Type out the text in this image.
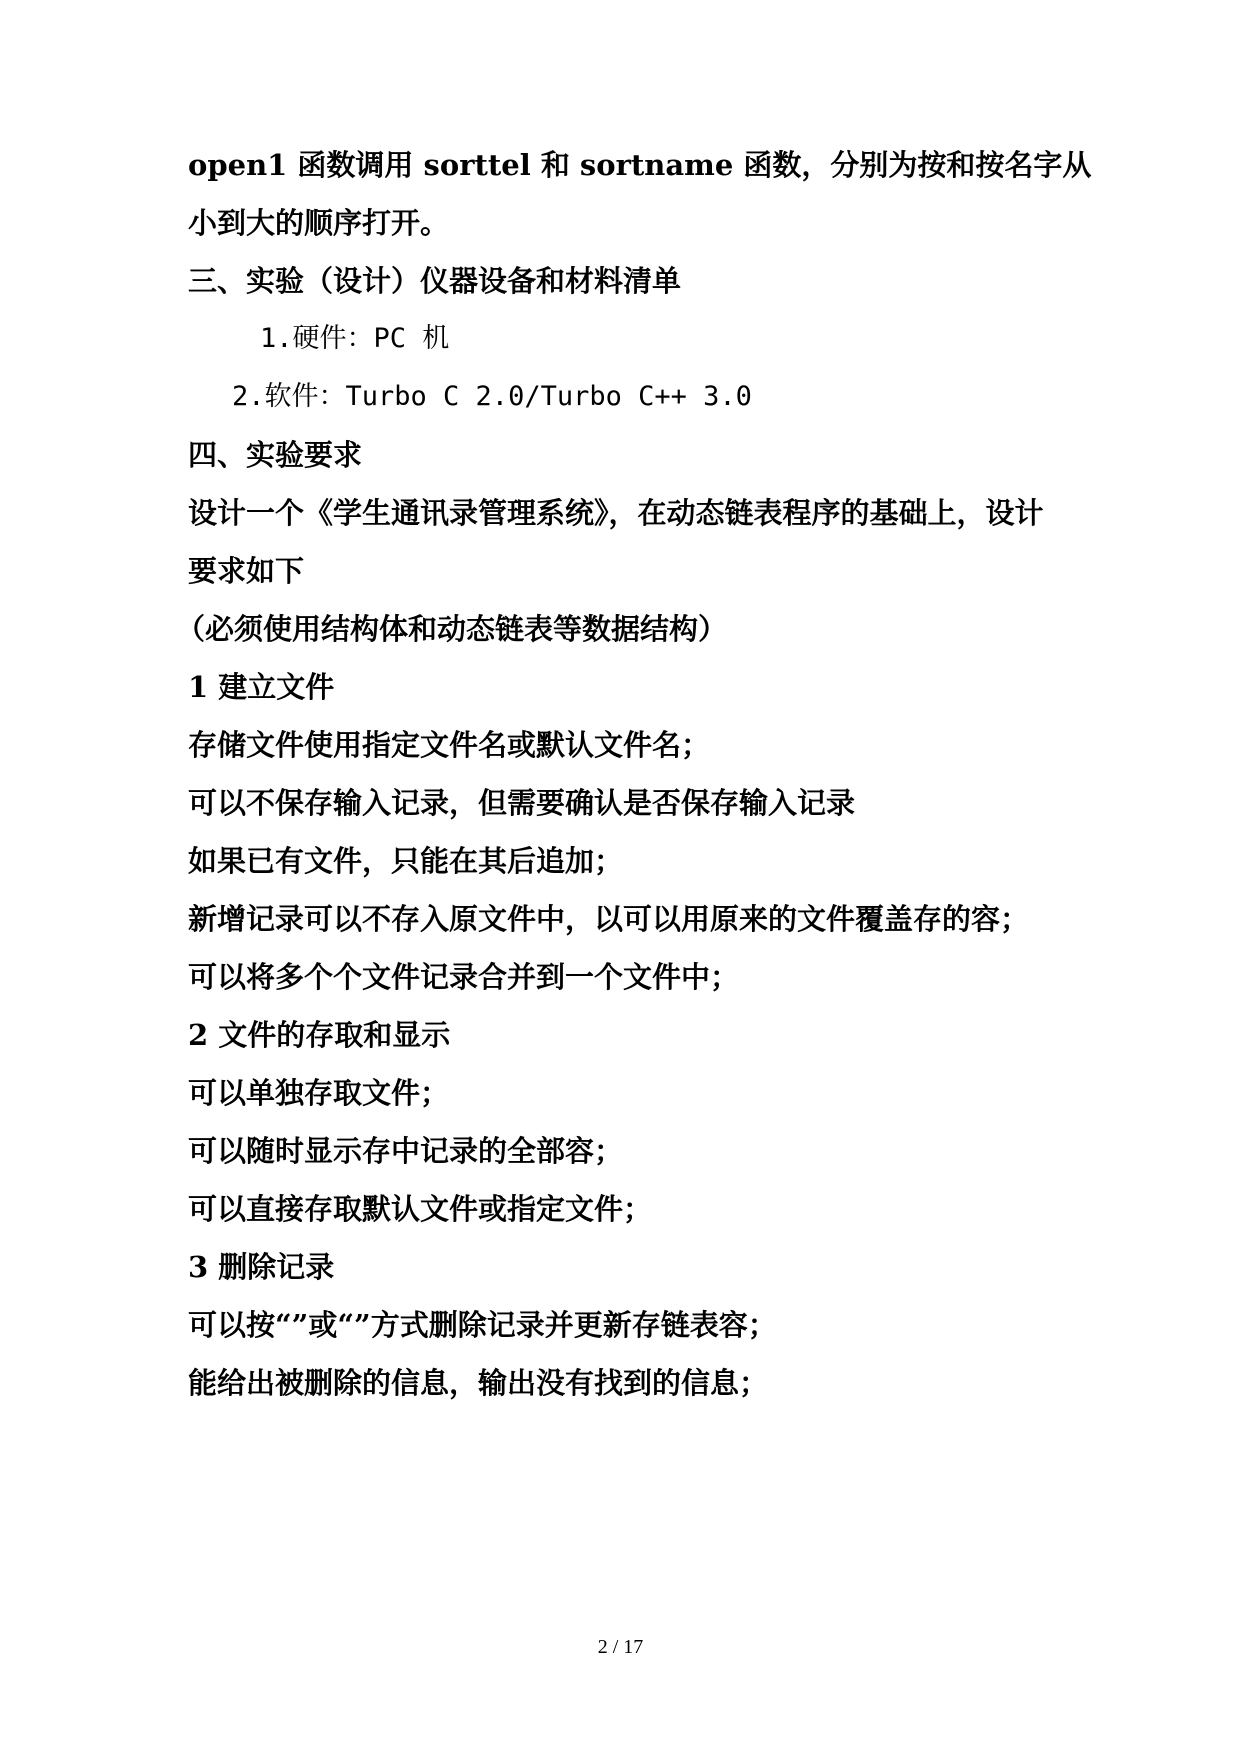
open1 函数调用 sorttel 和 sortname 函数，分别为按和按名字从
小到大的顺序打开。
三、实验（设计）仪器设备和材料清单
1.硬件：PC 机
2.软件：Turbo C 2.0/Turbo C++ 3.0
四、实验要求
设计一个《学生通讯录管理系统》，在动态链表程序的基础上，设计
要求如下
（必须使用结构体和动态链表等数据结构）
1 建立文件
存储文件使用指定文件名或默认文件名；
可以不保存输入记录，但需要确认是否保存输入记录
如果已有文件，只能在其后追加；
新增记录可以不存入原文件中，以可以用原来的文件覆盖存的容；
可以将多个个文件记录合并到一个文件中；
2 文件的存取和显示
可以单独存取文件；
可以随时显示存中记录的全部容；
可以直接存取默认文件或指定文件；
3 删除记录
可以按“”或“”方式删除记录并更新存链表容；
能给出被删除的信息，输出没有找到的信息；
2 / 17
